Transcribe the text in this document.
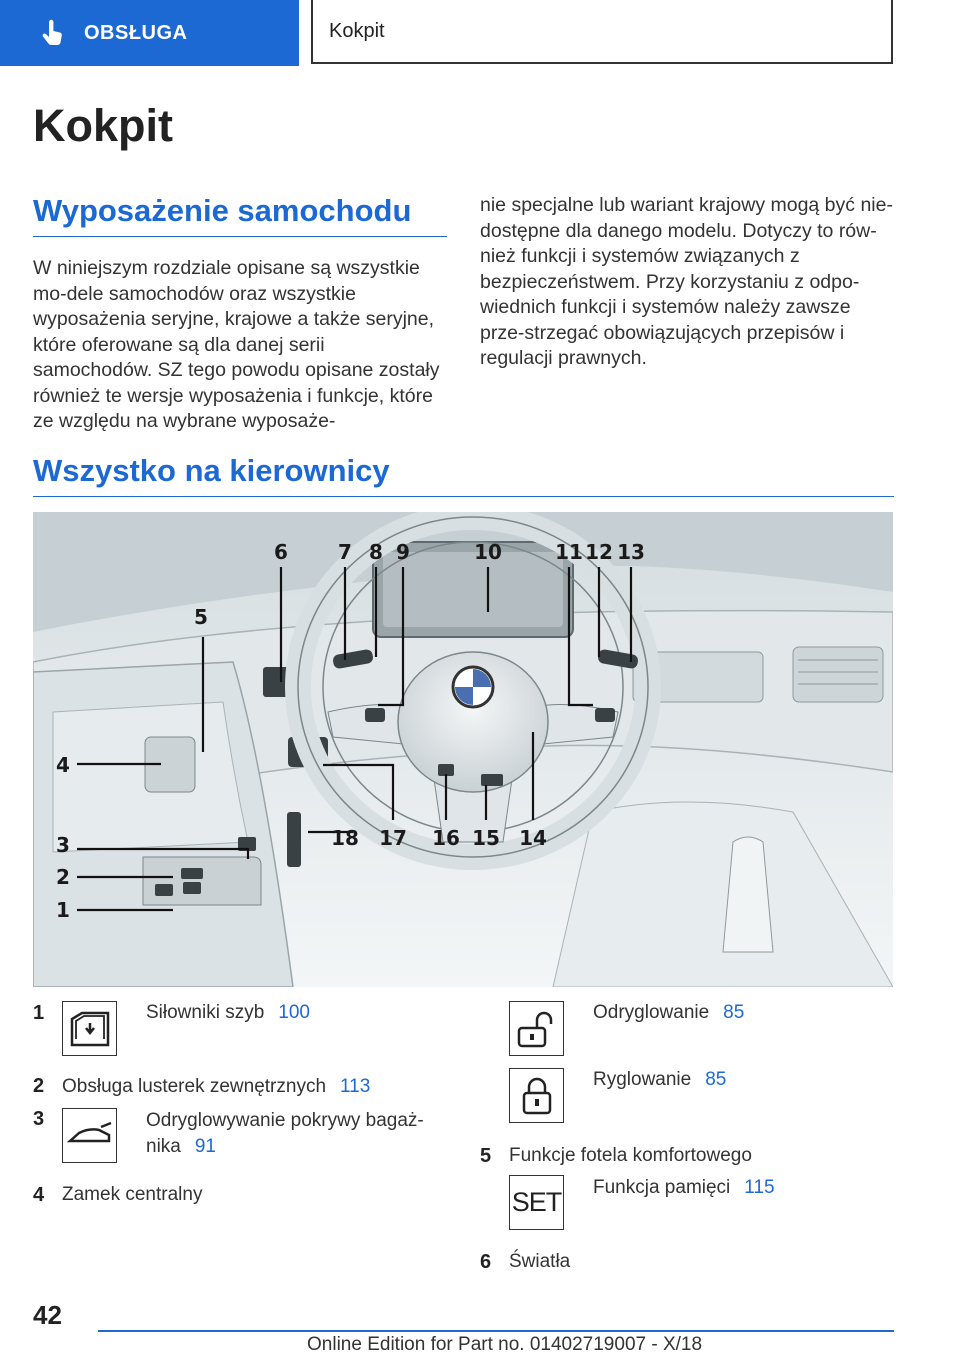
OBSŁUGA	Kokpit
Kokpit
Wyposażenie samochodu

W niniejszym rozdziale opisane są wszystkie mo-dele samochodów oraz wszystkie wyposażenia seryjne, krajowe a także seryjne, które oferowane są dla danej serii samochodów. SZ tego powodu opisane zostały również te wersje wyposażenia i funkcje, które ze względu na wybrane wyposaże-

nie specjalne lub wariant krajowy mogą być nie-dostępne dla danego modelu. Dotyczy to rów-nież funkcji i systemów związanych z bezpieczeństwem. Przy korzystaniu z odpo-wiednich funkcji i systemów należy zawsze prze-strzegać obowiązujących przepisów i regulacji prawnych.

Wszystko na kierownicy
1
2
3
4
5
6	7 8 9	10	11 12 13
14
15
16
17
18
1	Siłowniki szyb 100
2 Obsługa lusterek zewnętrznych 113
3	Odryglowywanie pokrywy bagaż-
nika 91
4 Zamek centralny
Odryglowanie 85
Ryglowanie 85
5 Funkcje fotela komfortowego
SET Funkcja pamięci 115
6 Światła
42
Online Edition for Part no. 01402719007 - X/18
